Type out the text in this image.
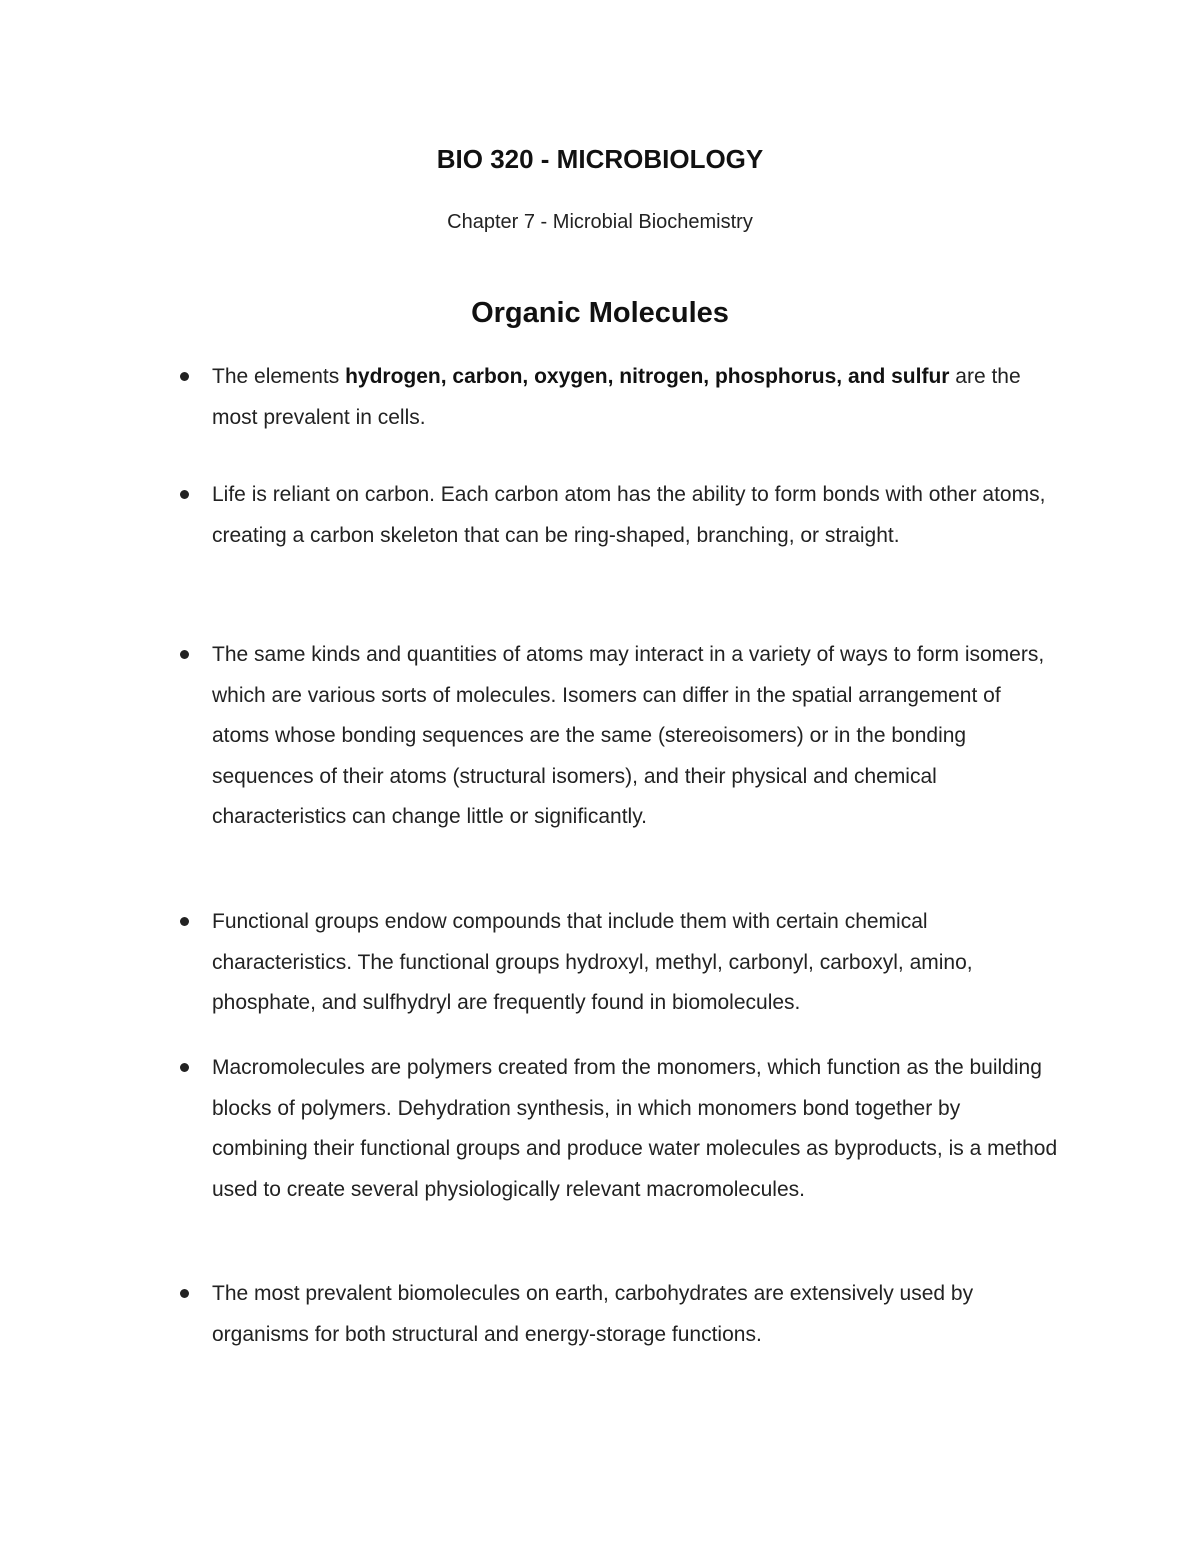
BIO 320 - MICROBIOLOGY

Chapter 7 - Microbial Biochemistry

Organic Molecules

The elements hydrogen, carbon, oxygen, nitrogen, phosphorus, and sulfur are the most prevalent in cells.

Life is reliant on carbon. Each carbon atom has the ability to form bonds with other atoms, creating a carbon skeleton that can be ring-shaped, branching, or straight.

The same kinds and quantities of atoms may interact in a variety of ways to form isomers, which are various sorts of molecules. Isomers can differ in the spatial arrangement of atoms whose bonding sequences are the same (stereoisomers) or in the bonding sequences of their atoms (structural isomers), and their physical and chemical characteristics can change little or significantly.

Functional groups endow compounds that include them with certain chemical characteristics. The functional groups hydroxyl, methyl, carbonyl, carboxyl, amino, phosphate, and sulfhydryl are frequently found in biomolecules.

Macromolecules are polymers created from the monomers, which function as the building blocks of polymers. Dehydration synthesis, in which monomers bond together by combining their functional groups and produce water molecules as byproducts, is a method used to create several physiologically relevant macromolecules.

The most prevalent biomolecules on earth, carbohydrates are extensively used by organisms for both structural and energy-storage functions.
